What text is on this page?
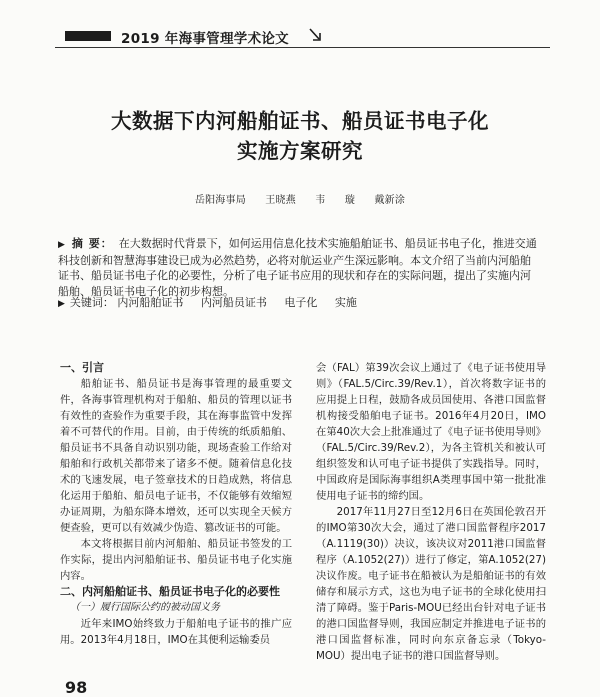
2019 年海事管理学术论文
大数据下内河船舶证书、船员证书电子化
实施方案研究
岳阳海事局 王晓燕 韦 璇 戴新涂
▶ 摘 要： 在大数据时代背景下，如何运用信息化技术实施船舶证书、船员证书电子化，推进交通科技创新和智慧海事建设已成为必然趋势，必将对航运业产生深远影响。本文介绍了当前内河船舶证书、船员证书电子化的必要性，分析了电子证书应用的现状和存在的实际问题，提出了实施内河船舶、船员证书电子化的初步构想。
▶ 关键词： 内河船舶证书 内河船员证书 电子化 实施
一、引言

船舶证书、船员证书是海事管理的最重要文件，各海事管理机构对于船舶、船员的管理以证书有效性的查验作为重要手段，其在海事监管中发挥着不可替代的作用。目前，由于传统的纸质船舶、船员证书不具备自动识别功能，现场查验工作给对船舶和行政机关都带来了诸多不便。随着信息化技术的飞速发展，电子签章技术的日趋成熟，将信息化运用于船舶、船员电子证书，不仅能够有效缩短办证周期，为船东降本增效，还可以实现全天候方便查验，更可以有效减少伪造、篡改证书的可能。

本文将根据目前内河船舶、船员证书签发的工作实际，提出内河船舶证书、船员证书电子化实施内容。

二、内河船舶证书、船员证书电子化的必要性
（一）履行国际公约的被动国义务

近年来IMO始终致力于船舶电子证书的推广应用。2013年4月18日，IMO在其便利运输委员

会（FAL）第39次会议上通过了《电子证书使用导则》（FAL.5/Circ.39/Rev.1），首次将数字证书的应用提上日程，鼓励各成员国使用、各港口国监督机构接受船舶电子证书。2016年4月20日，IMO在第40次大会上批准通过了《电子证书使用导则》（FAL.5/Circ.39/Rev.2），为各主管机关和被认可组织签发和认可电子证书提供了实践指导。同时，中国政府是国际海事组织A类理事国中第一批批准使用电子证书的缔约国。

2017年11月27日至12月6日在英国伦敦召开的IMO第30次大会，通过了港口国监督程序2017（A.1119(30)）决议，该决议对2011港口国监督程序（A.1052(27)）进行了修定，第A.1052(27)决议作废。电子证书在船被认为是船舶证书的有效储存和展示方式，这也为电子证书的全球化使用扫清了障碍。鉴于Paris-MOU已经出台针对电子证书的港口国监督导则，我国应制定并推进电子证书的港口国监督标准，同时向东京备忘录（Tokyo-MOU）提出电子证书的港口国监督导则。

98
